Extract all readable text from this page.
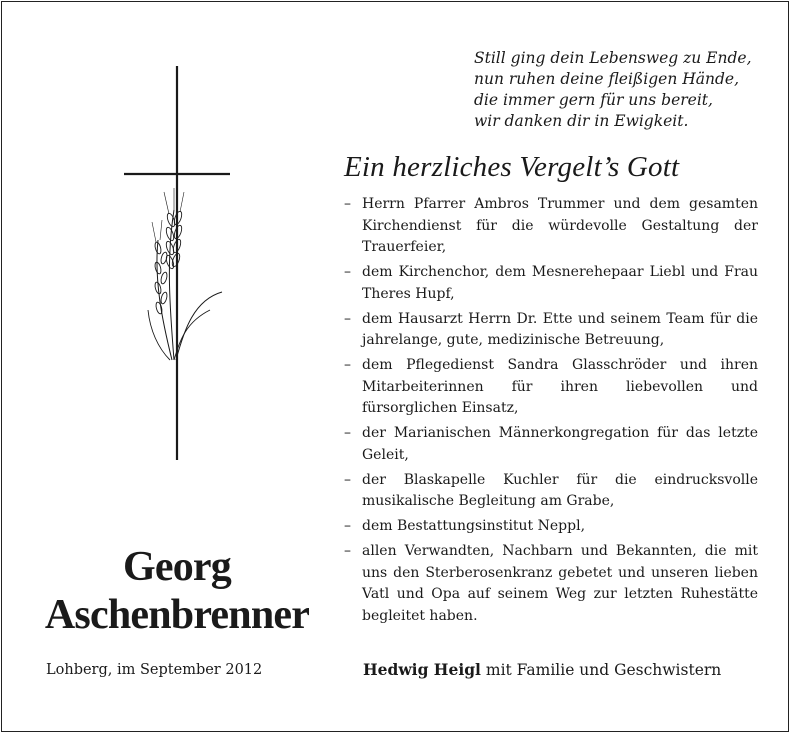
Still ging dein Lebensweg zu Ende,
nun ruhen deine fleißigen Hände,
die immer gern für uns bereit,
wir danken dir in Ewigkeit.
Ein herzliches Vergelt’s Gott
– Herrn Pfarrer Ambros Trummer und dem gesamten Kirchendienst für die würdevolle Gestaltung der Trauerfeier,
– dem Kirchenchor, dem Mesnerehepaar Liebl und Frau Theres Hupf,
– dem Hausarzt Herrn Dr. Ette und seinem Team für die jahrelange, gute, medizinische Betreuung,
– dem Pflegedienst Sandra Glasschröder und ihren Mitarbeiterinnen für ihren liebevollen und fürsorglichen Einsatz,
– der Marianischen Männerkongregation für das letzte Geleit,
– der Blaskapelle Kuchler für die eindrucksvolle musikalische Begleitung am Grabe,
– dem Bestattungsinstitut Neppl,
– allen Verwandten, Nachbarn und Bekannten, die mit uns den Sterberosenkranz gebetet und unseren lieben Vatl und Opa auf seinem Weg zur letzten Ruhestätte begleitet haben.
Georg
Aschenbrenner
Lohberg, im September 2012	Hedwig Heigl mit Familie und Geschwistern
